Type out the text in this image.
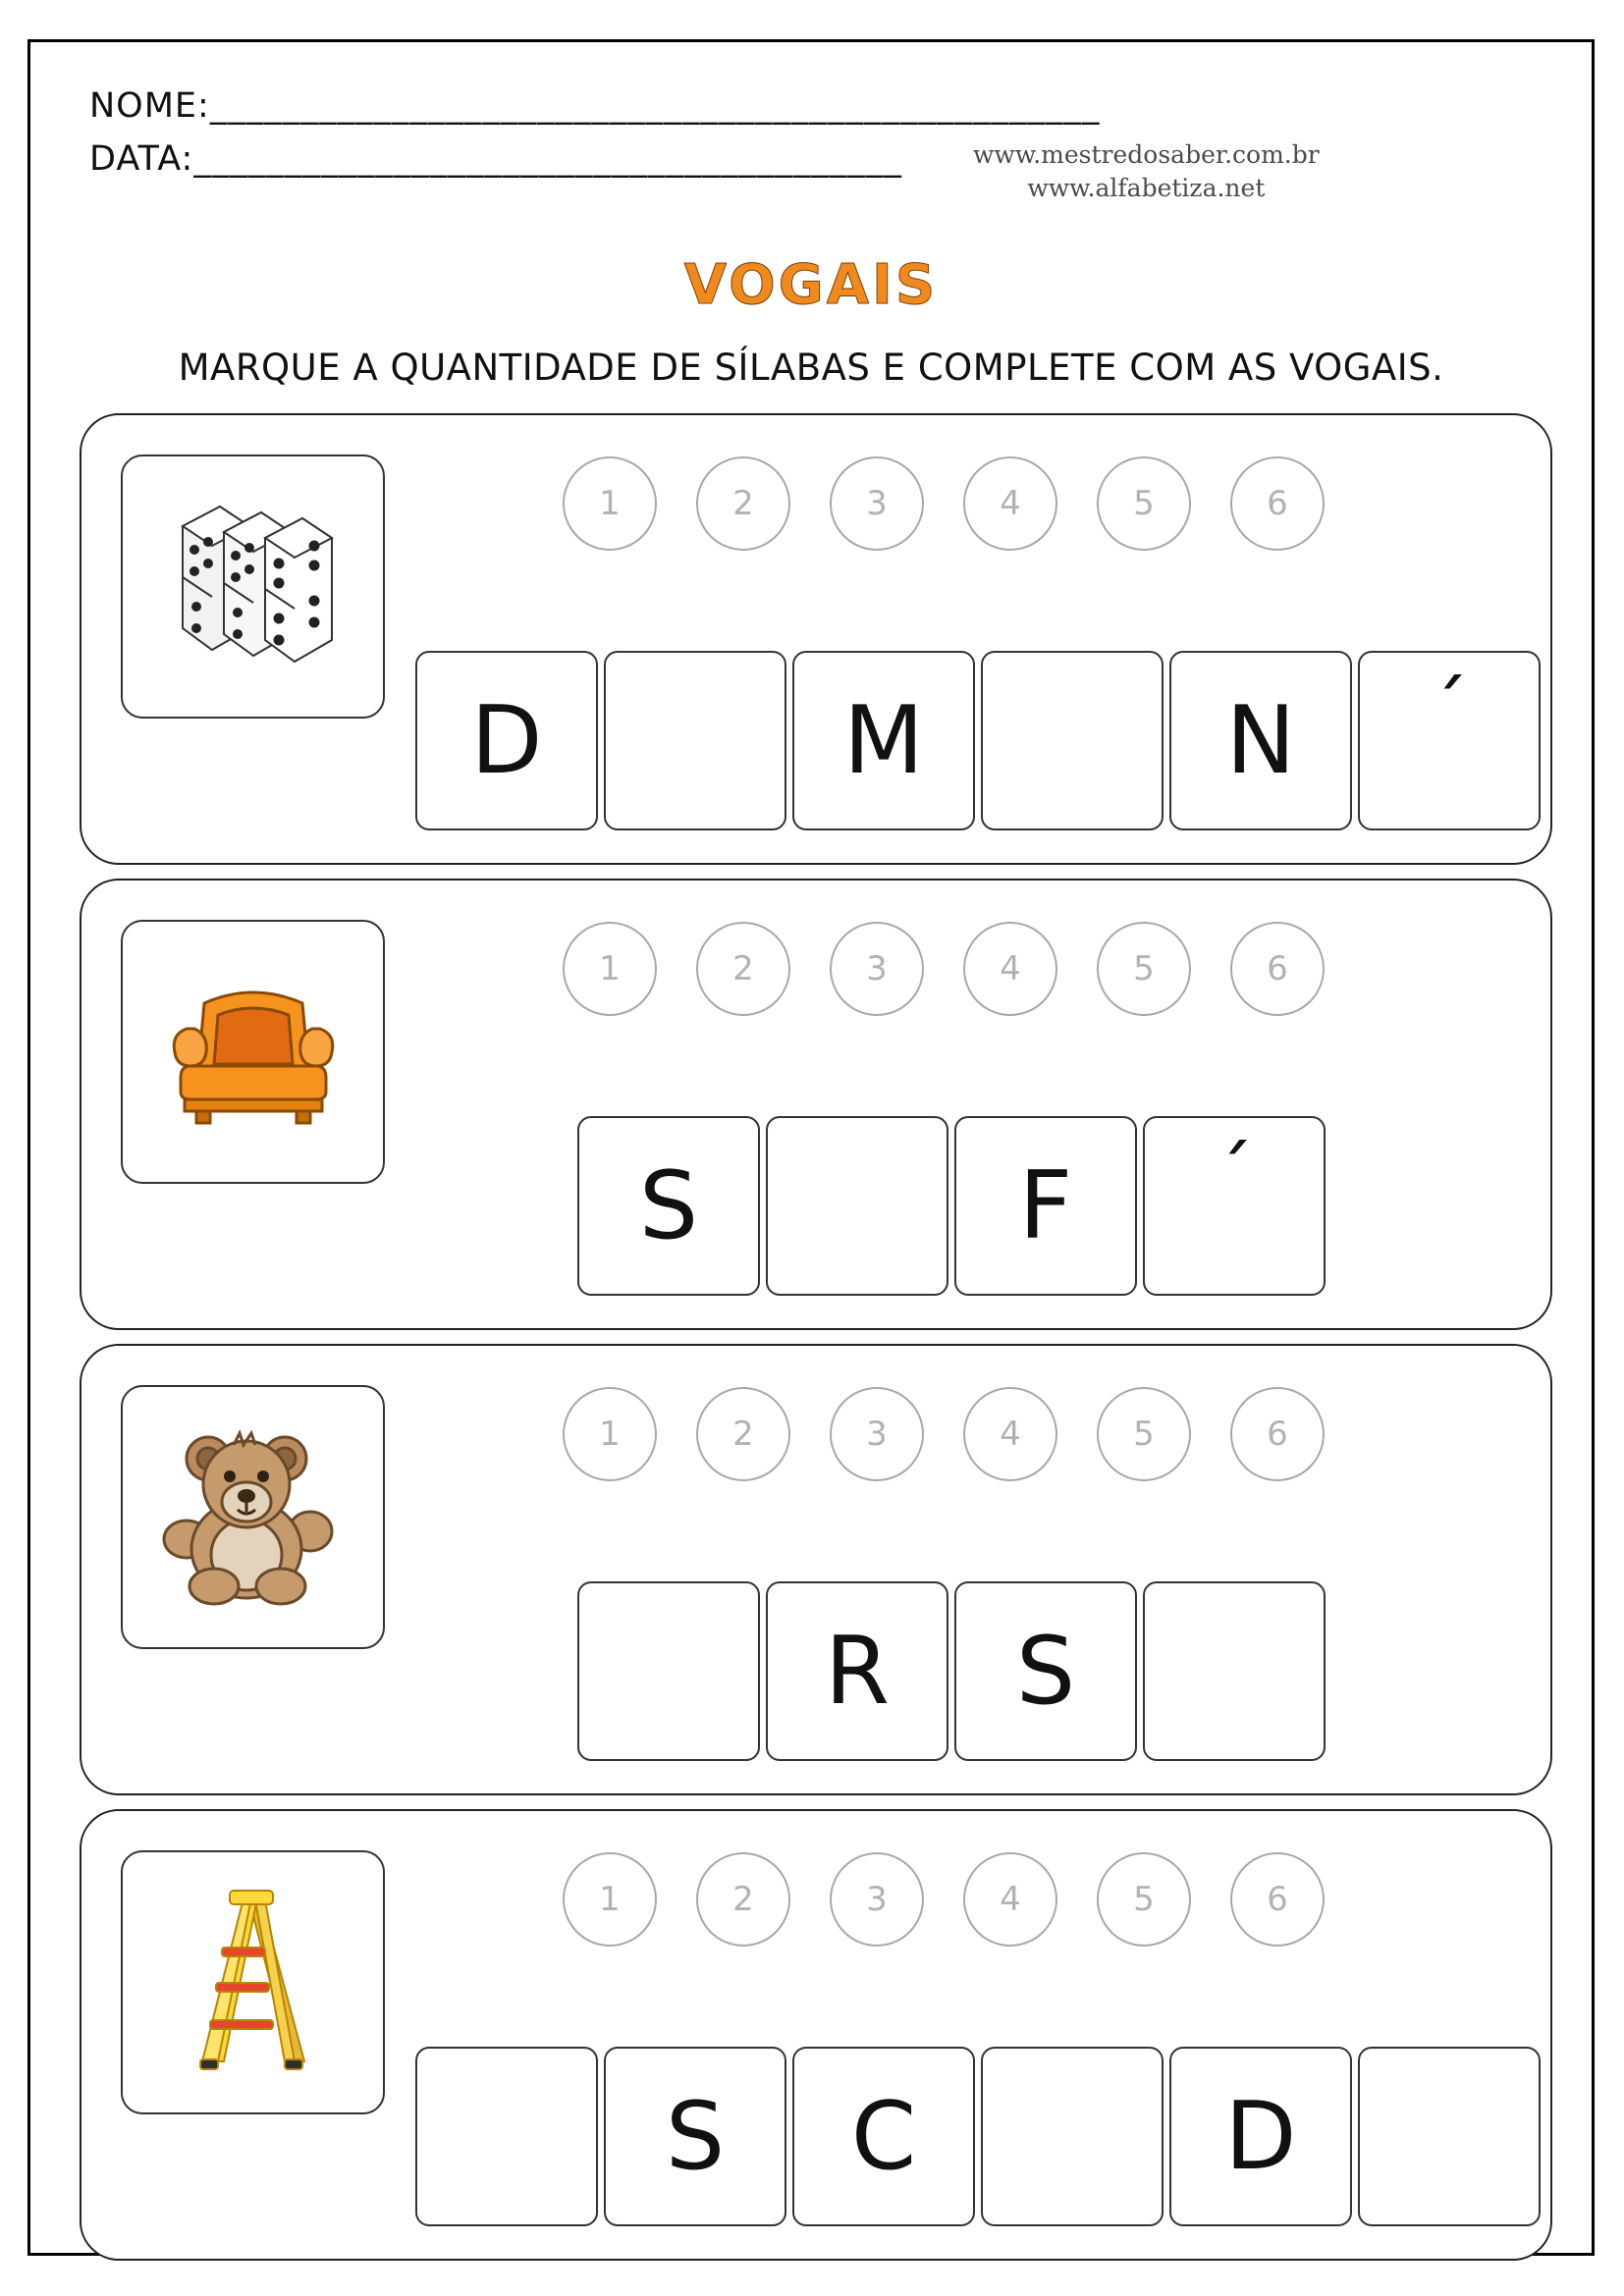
NOME:_________________________________________________
DATA:_______________________________________	www.mestredosaber.com.br
www.alfabetiza.net
VOGAIS
MARQUE A QUANTIDADE DE SÍLABAS E COMPLETE COM AS VOGAIS.
1	2	3	4	5	6
D	M	N	´
1	2	3	4	5	6
S	F	´
1	2	3	4	5	6
R	S
1	2	3	4	5	6
S	C	D
